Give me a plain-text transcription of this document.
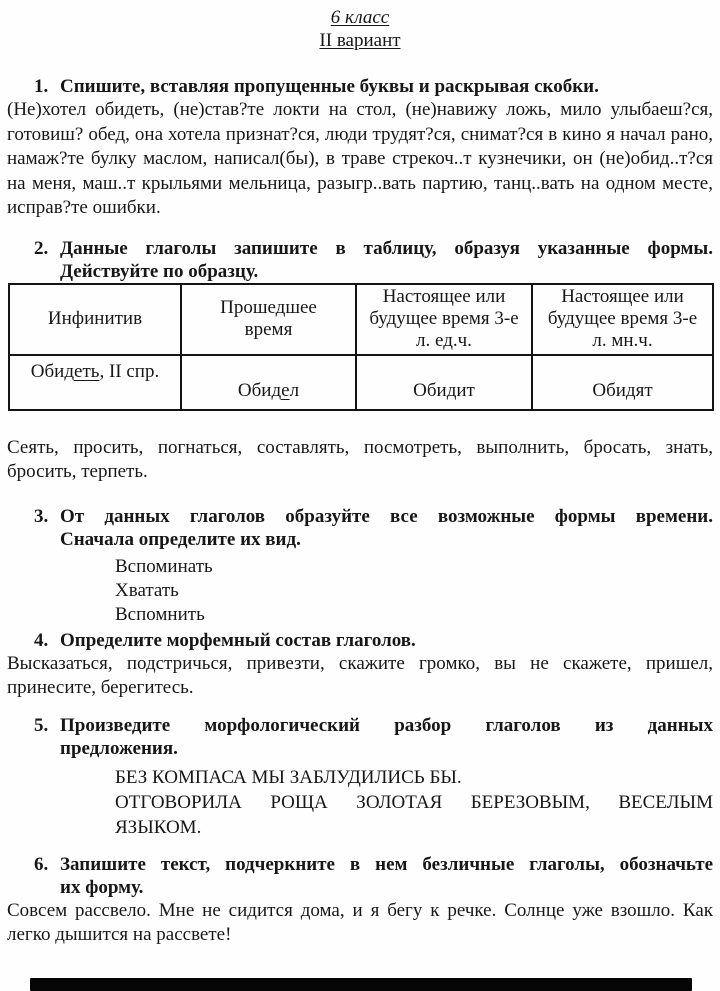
6 класс
II вариант
1. Спишите, вставляя пропущенные буквы и раскрывая скобки.
(Не)хотел обидеть, (не)став?те локти на стол, (не)навижу ложь, мило улыбаеш?ся, готовиш? обед, она хотела признат?ся, люди трудят?ся, снимат?ся в кино я начал рано, намаж?те булку маслом, написал(бы), в траве стрекоч..т кузнечики, он (не)обид..т?ся на меня, маш..т крыльями мельница, разыгр..вать партию, танц..вать на одном месте, исправ?те ошибки.
2. Данные глаголы запишите в таблицу, образуя указанные формы.
Действуйте по образцу.
Инфинитив	Прошедшее время	Настоящее или будущее время 3-е л. ед.ч.	Настоящее или будущее время 3-е л. мн.ч.
Обидеть, II спр.	Обидел	Обидит	Обидят
Сеять, просить, погнаться, составлять, посмотреть, выполнить, бросать, знать, бросить, терпеть.
3. От данных глаголов образуйте все возможные формы времени.
Сначала определите их вид.
Вспоминать
Хватать
Вспомнить
4. Определите морфемный состав глаголов.
Высказаться, подстричься, привезти, скажите громко, вы не скажете, пришел, принесите, берегитесь.
5. Произведите морфологический разбор глаголов из данных
предложения.
БЕЗ КОМПАСА МЫ ЗАБЛУДИЛИСЬ БЫ.
ОТГОВОРИЛА РОЩА ЗОЛОТАЯ БЕРЕЗОВЫМ, ВЕСЕЛЫМ
ЯЗЫКОМ.
6. Запишите текст, подчеркните в нем безличные глаголы, обозначьте
их форму.
Совсем рассвело. Мне не сидится дома, и я бегу к речке. Солнце уже взошло. Как легко дышится на рассвете!
